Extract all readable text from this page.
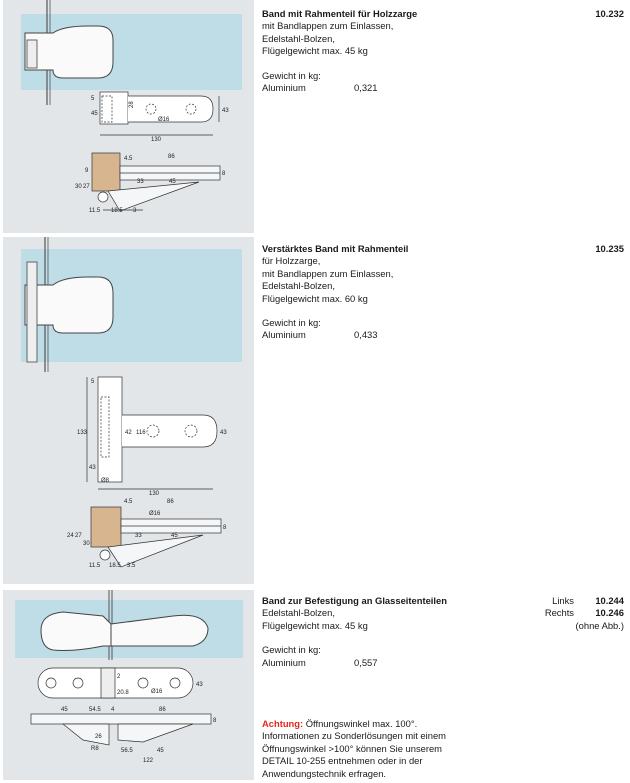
5
28
Ø16
43
130
45
4.5	86
9
30 27
8
33	45
11.5 18.5 3
Band mit Rahmenteil für Holzzarge	10.232
mit Bandlappen zum Einlassen,
Edelstahl-Bolzen,
Flügelgewicht max. 45 kg
Gewicht in kg:
Aluminium	0,321
5
133	43
116
42
43
Ø8
130
4.5	86
Ø16
24 27
30
33	45
8
11.5 18.5 3.5
Verstärktes Band mit Rahmenteil	10.235
für Holzzarge,
mit Bandlappen zum Einlassen,
Edelstahl-Bolzen,
Flügelgewicht max. 60 kg
Gewicht in kg:
Aluminium	0,433
43
Ø16
20.8
2
45	54.5 4	86
8
26
R8	56.5	45
122
Band zur Befestigung an Glasseitenteilen	Links 10.244
Rechts 10.246
(ohne Abb.)
Edelstahl-Bolzen,
Flügelgewicht max. 45 kg
Gewicht in kg:
Aluminium	0,557
Achtung: Öffnungswinkel max. 100°.
Informationen zu Sonderlösungen mit einem
Öffnungswinkel >100° können Sie unserem
DETAIL 10-255 entnehmen oder in der
Anwendungstechnik erfragen.
